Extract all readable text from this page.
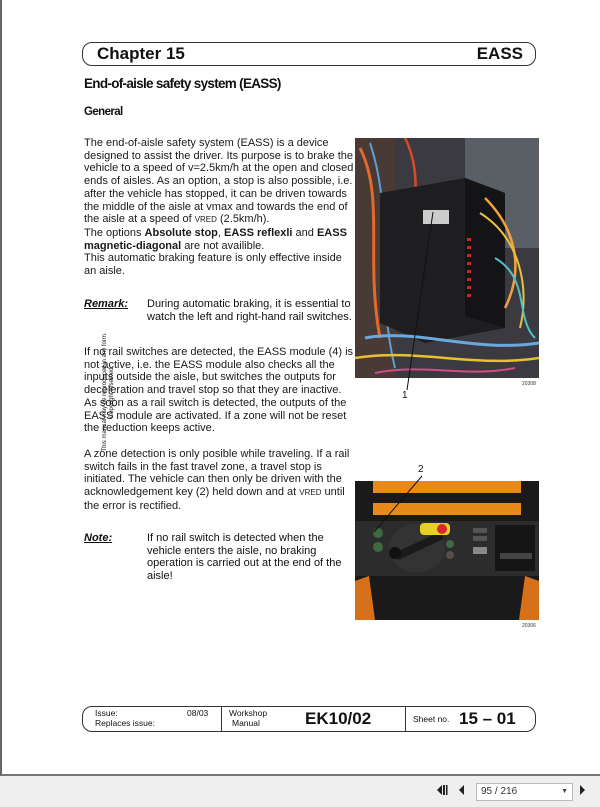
Chapter 15	EASS
End-of-aisle safety system (EASS)
General
The end-of-aisle safety system (EASS) is a device designed to assist the driver. Its purpose is to brake the vehicle to a speed of v=2.5km/h at the open and closed ends of aisles. As an option, a stop is also possible, i.e. after the vehicle has stopped, it can be driven towards the middle of the aisle at vmax and towards the end of the aisle at a speed of VRED (2.5km/h).
The options Absolute stop, EASS reflexli and EASS magnetic-diagonal are not availible.
This automatic braking feature is only effective inside an aisle.
Remark: During automatic braking, it is essential to watch the left and right-hand rail switches.
If no rail switches are detected, the EASS module (4) is not active, i.e. the EASS module also checks all the inputs outside the aisle, but switches the outputs for deceleration and travel stop so that they are inactive. As soon as a rail switch is detected, the outputs of the EASS module are activated. If a zone will not be reset the reduction keeps active.
A zone detection is only posible while traveling. If a rail switch fails in the fast travel zone, a travel stop is initiated. The vehicle can then only be driven with the acknowledgement key (2) held down and at VRED until the error is rectified.
Note:	If no rail switch is detected when the vehicle enters the aisle, no braking operation is carried out at the end of the aisle!
This manual may be reproduced in any form. Copyright reserved.	1
20308
2
20306
Issue:
Replaces issue:
08/03 Workshop
Manual	EK10/02	Sheet no. 15 – 01
95 / 216	▼
